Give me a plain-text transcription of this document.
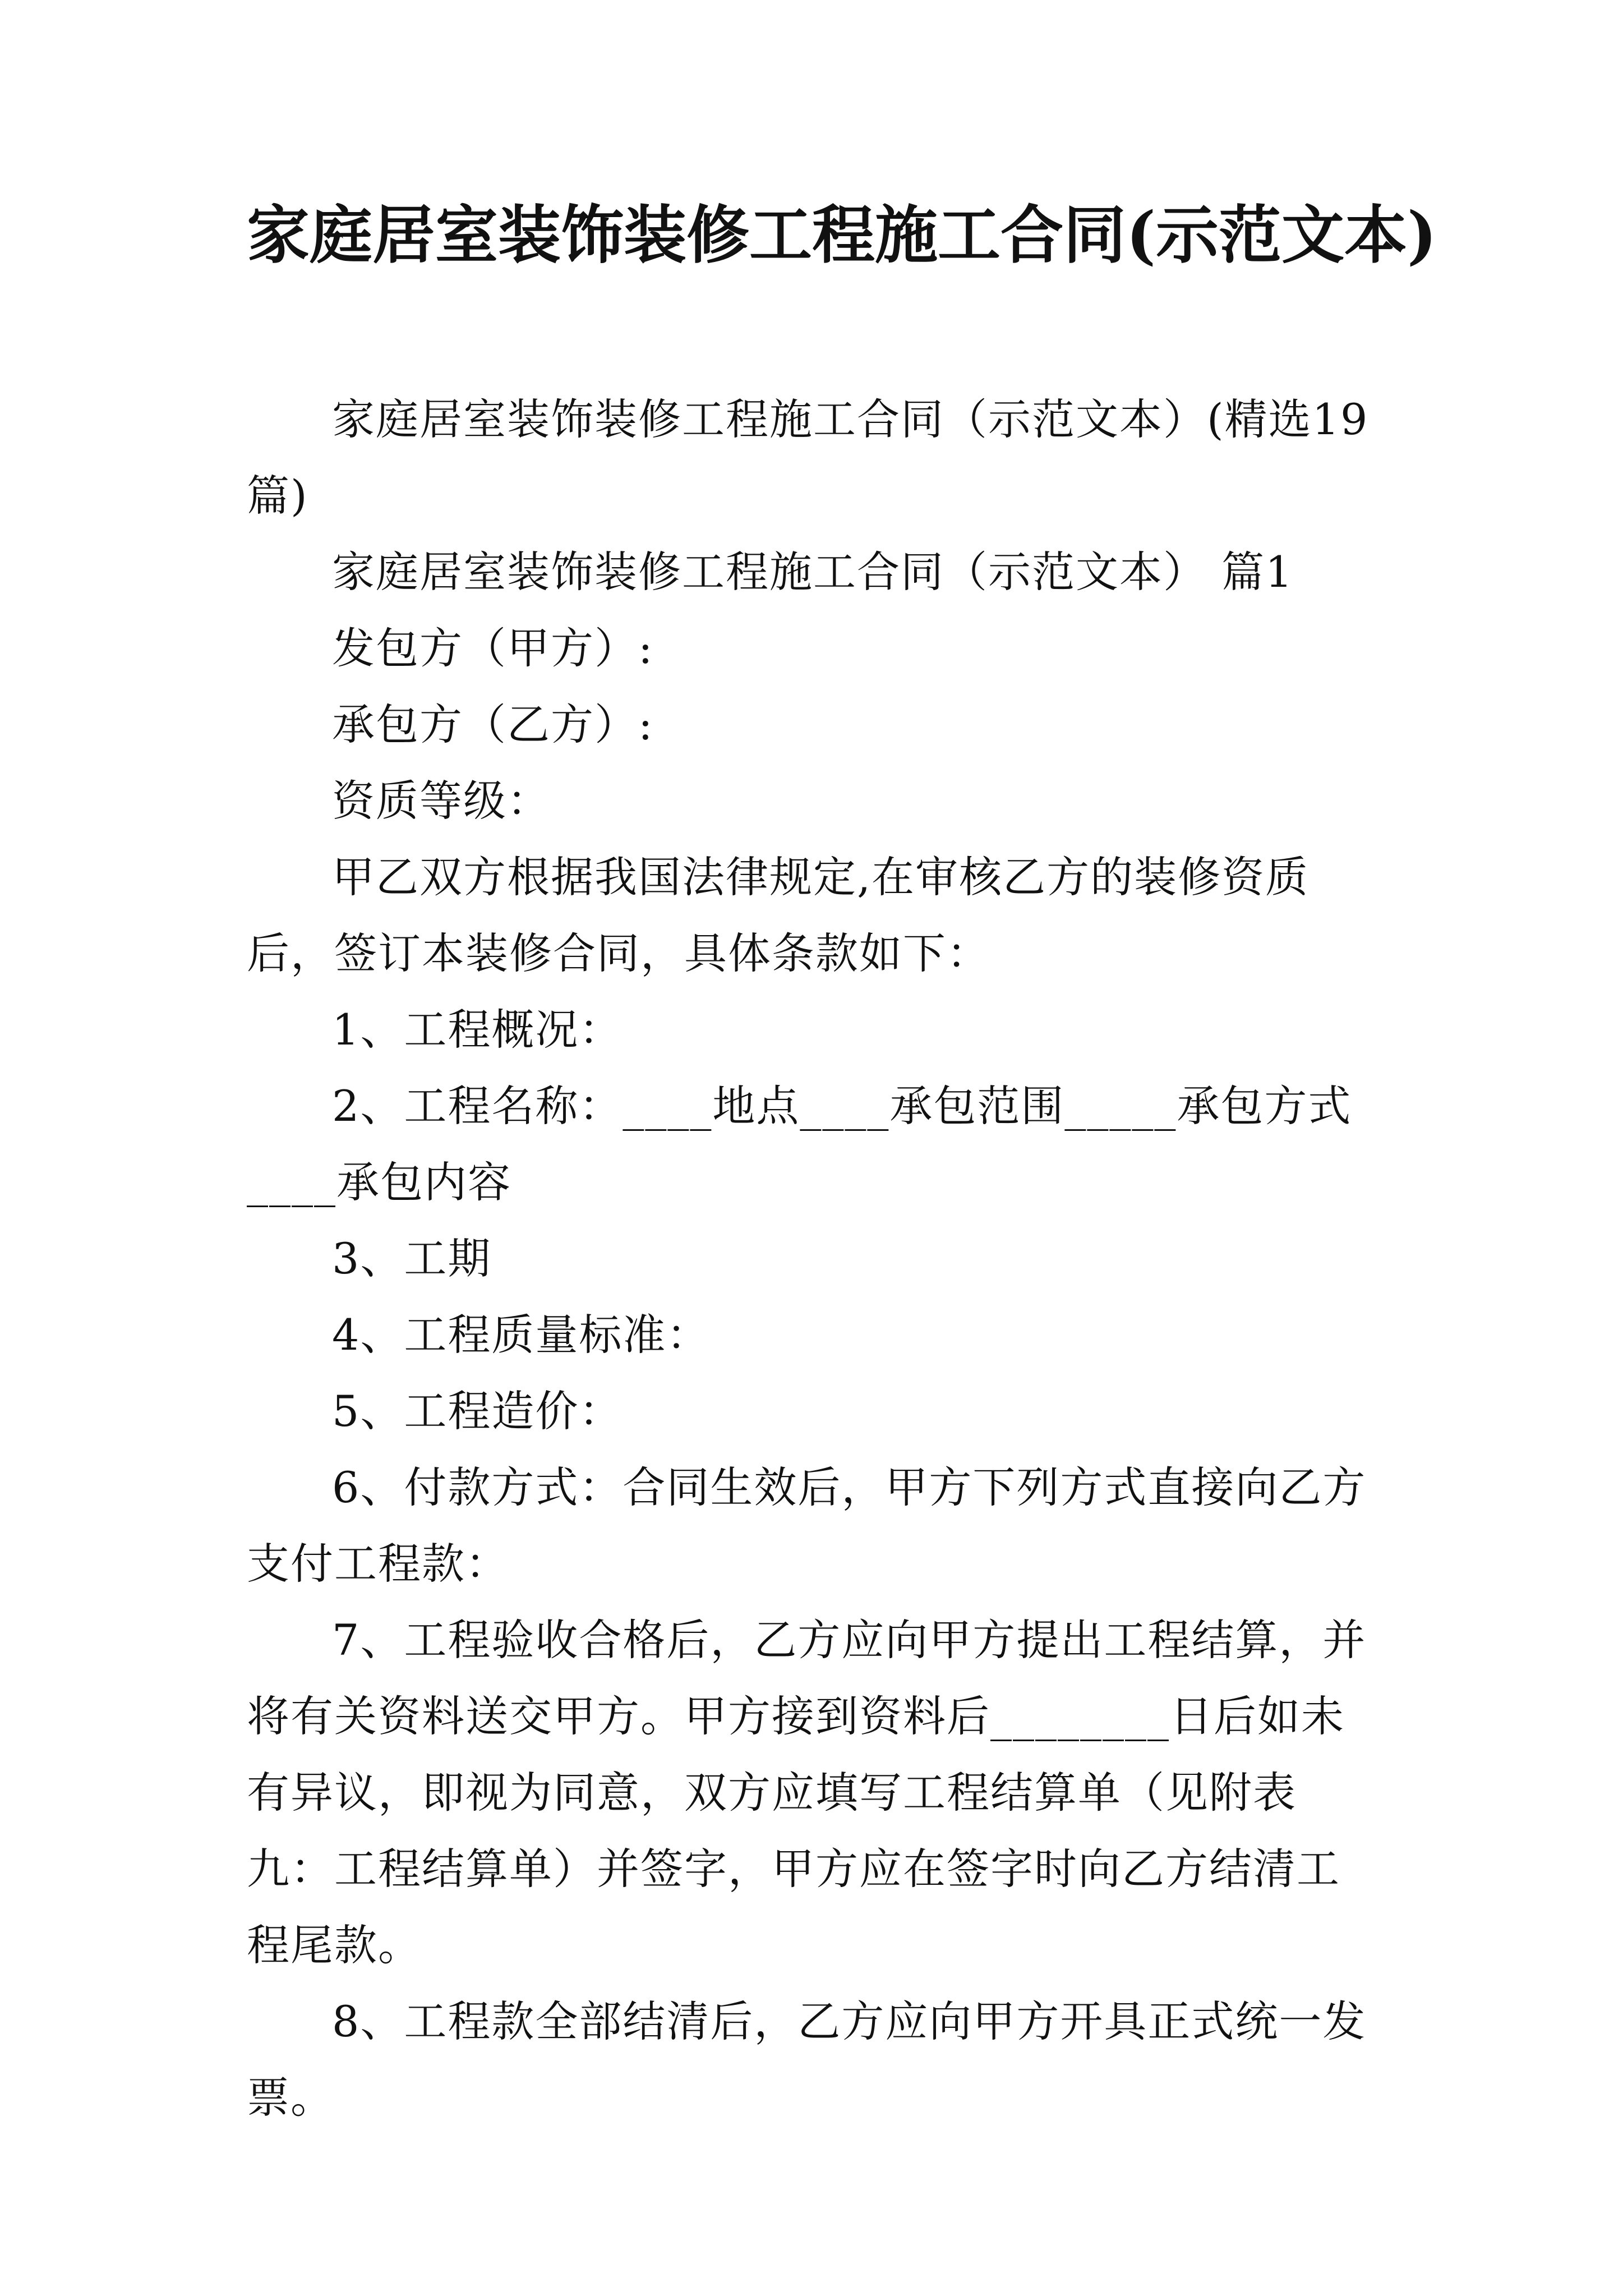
家庭居室装饰装修工程施工合同(示范文本)

家庭居室装饰装修工程施工合同（示范文本）(精选19篇)

家庭居室装饰装修工程施工合同（示范文本） 篇1

发包方（甲方）:

承包方（乙方）:

资质等级：

甲乙双方根据我国法律规定,在审核乙方的装修资质后，签订本装修合同，具体条款如下：

1、工程概况：

2、工程名称：____地点____承包范围_____承包方式____承包内容

3、工期

4、工程质量标准：

5、工程造价：

6、付款方式：合同生效后，甲方下列方式直接向乙方支付工程款：

7、工程验收合格后，乙方应向甲方提出工程结算，并将有关资料送交甲方。甲方接到资料后________日后如未有异议，即视为同意，双方应填写工程结算单（见附表九：工程结算单）并签字，甲方应在签字时向乙方结清工程尾款。

8、工程款全部结清后，乙方应向甲方开具正式统一发票。
